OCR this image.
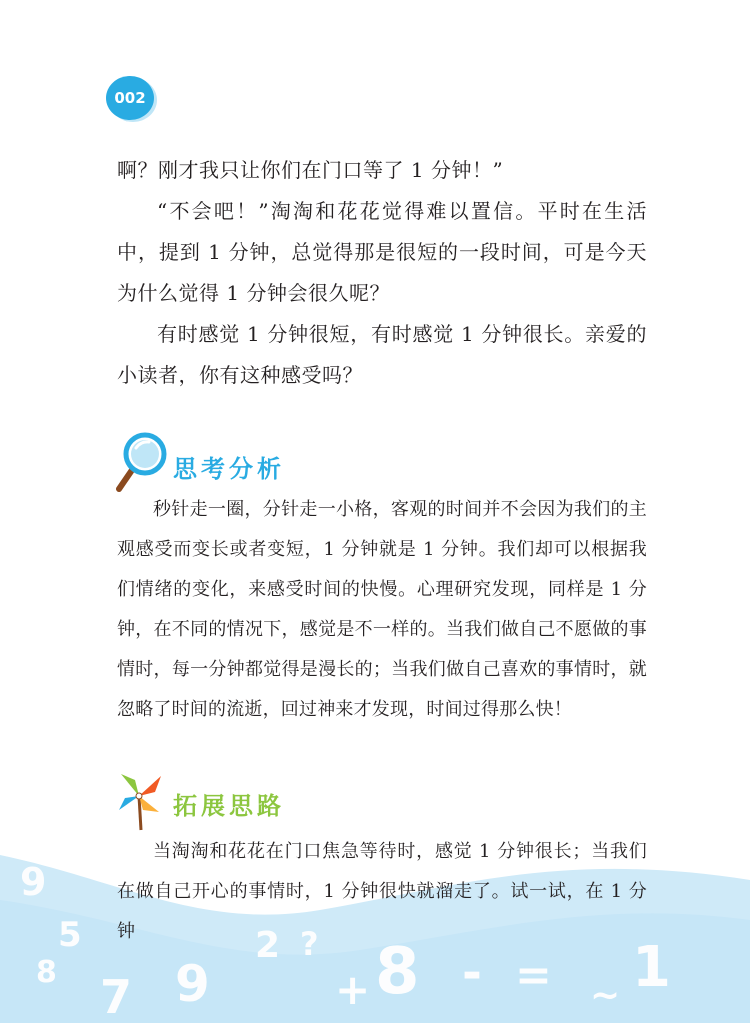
002

啊？刚才我只让你们在门口等了 1 分钟！”

“不会吧！”淘淘和花花觉得难以置信。平时在生活中，提到 1 分钟，总觉得那是很短的一段时间，可是今天为什么觉得 1 分钟会很久呢？

有时感觉 1 分钟很短，有时感觉 1 分钟很长。亲爱的小读者，你有这种感受吗？

思考分析

秒针走一圈，分针走一小格，客观的时间并不会因为我们的主观感受而变长或者变短，1 分钟就是 1 分钟。我们却可以根据我们情绪的变化，来感受时间的快慢。心理研究发现，同样是 1 分钟，在不同的情况下，感觉是不一样的。当我们做自己不愿做的事情时，每一分钟都觉得是漫长的；当我们做自己喜欢的事情时，就忽略了时间的流逝，回过神来才发现，时间过得那么快！

拓展思路
9
5
8 7 9
2
+ 8 - = 1
?
~

当淘淘和花花在门口焦急等待时，感觉 1 分钟很长；当我们在做自己开心的事情时，1 分钟很快就溜走了。试一试，在 1 分钟
